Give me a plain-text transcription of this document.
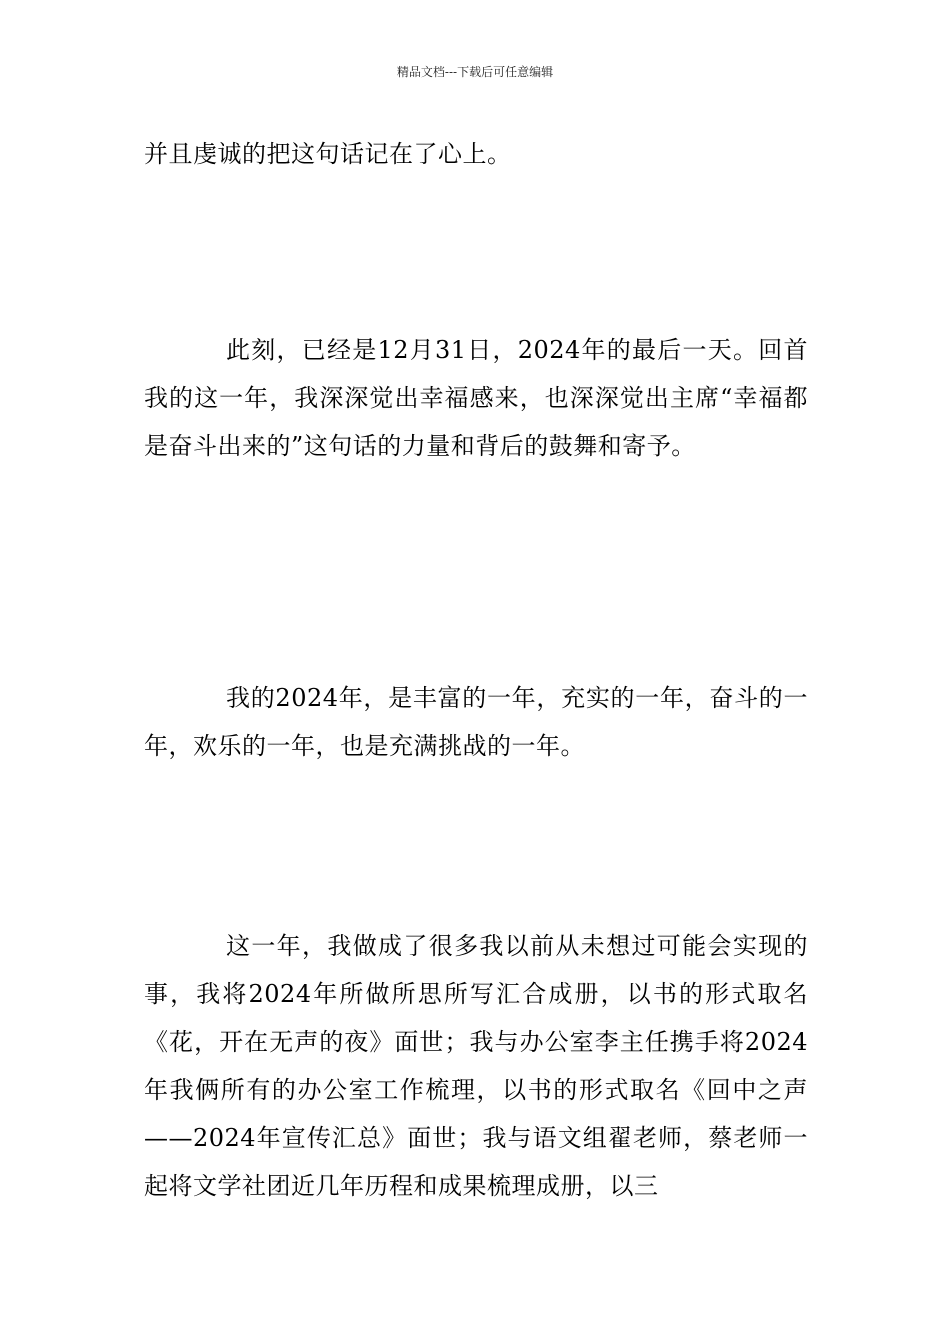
精品文档---下载后可任意编辑

并且虔诚的把这句话记在了心上。

此刻，已经是12月31日，2024年的最后一天。回首我的这一年，我深深觉出幸福感来，也深深觉出主席“幸福都是奋斗出来的”这句话的力量和背后的鼓舞和寄予。

我的2024年，是丰富的一年，充实的一年，奋斗的一年，欢乐的一年，也是充满挑战的一年。

这一年，我做成了很多我以前从未想过可能会实现的事，我将2024年所做所思所写汇合成册，以书的形式取名《花，开在无声的夜》面世；我与办公室李主任携手将2024年我俩所有的办公室工作梳理，以书的形式取名《回中之声——2024年宣传汇总》面世；我与语文组翟老师，蔡老师一起将文学社团近几年历程和成果梳理成册，以三
